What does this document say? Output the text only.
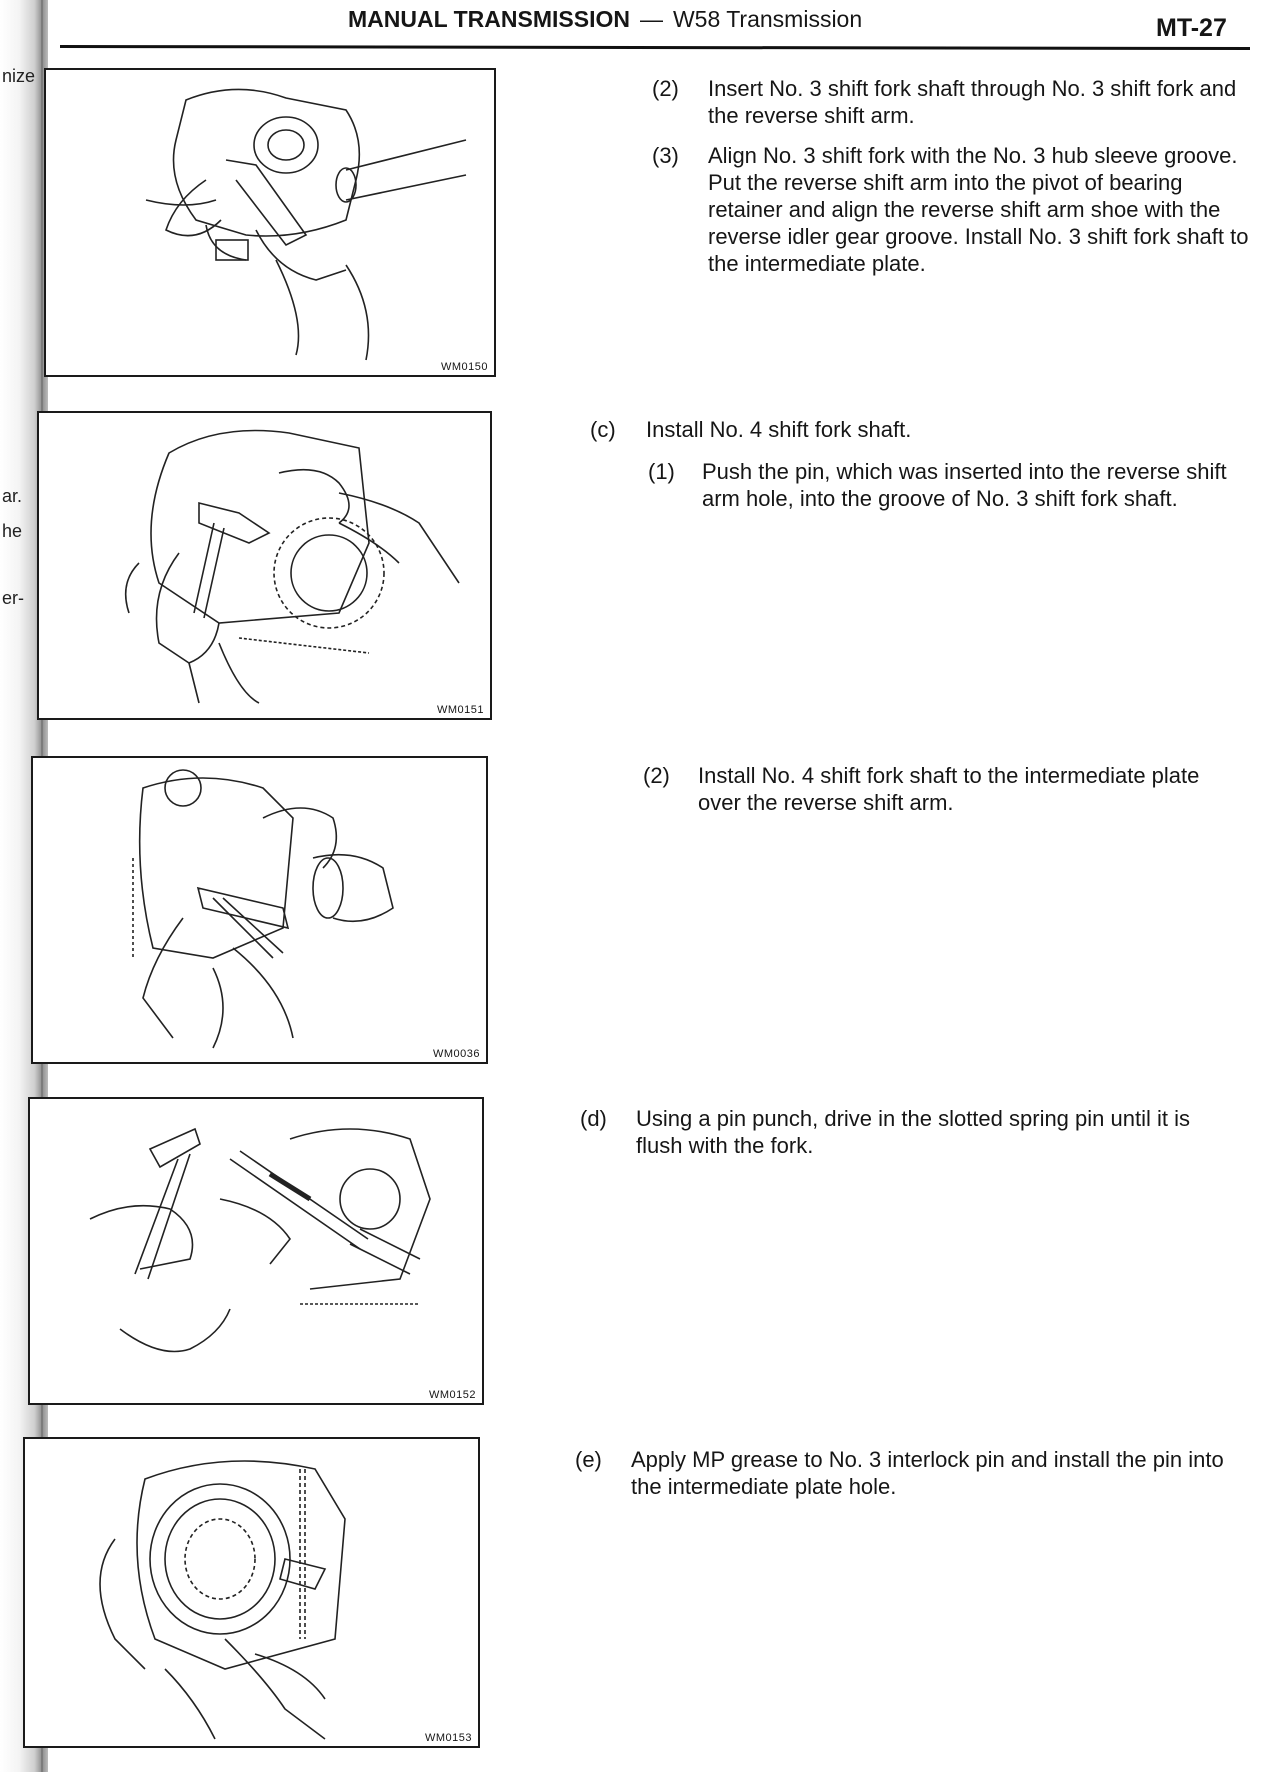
nize
ar.
he
er-
MANUAL TRANSMISSION — W58 Transmission	MT-27
WM0150
WM0151
WM0036
WM0152
WM0153
(2) Insert No. 3 shift fork shaft through No. 3 shift fork and the reverse shift arm.
(3) Align No. 3 shift fork with the No. 3 hub sleeve groove. Put the reverse shift arm into the pivot of bearing retainer and align the reverse shift arm shoe with the reverse idler gear groove. Install No. 3 shift fork shaft to the intermediate plate.
(c) Install No. 4 shift fork shaft.
(1) Push the pin, which was inserted into the reverse shift arm hole, into the groove of No. 3 shift fork shaft.
(2) Install No. 4 shift fork shaft to the intermediate plate over the reverse shift arm.
(d) Using a pin punch, drive in the slotted spring pin until it is flush with the fork.
(e) Apply MP grease to No. 3 interlock pin and install the pin into the intermediate plate hole.
